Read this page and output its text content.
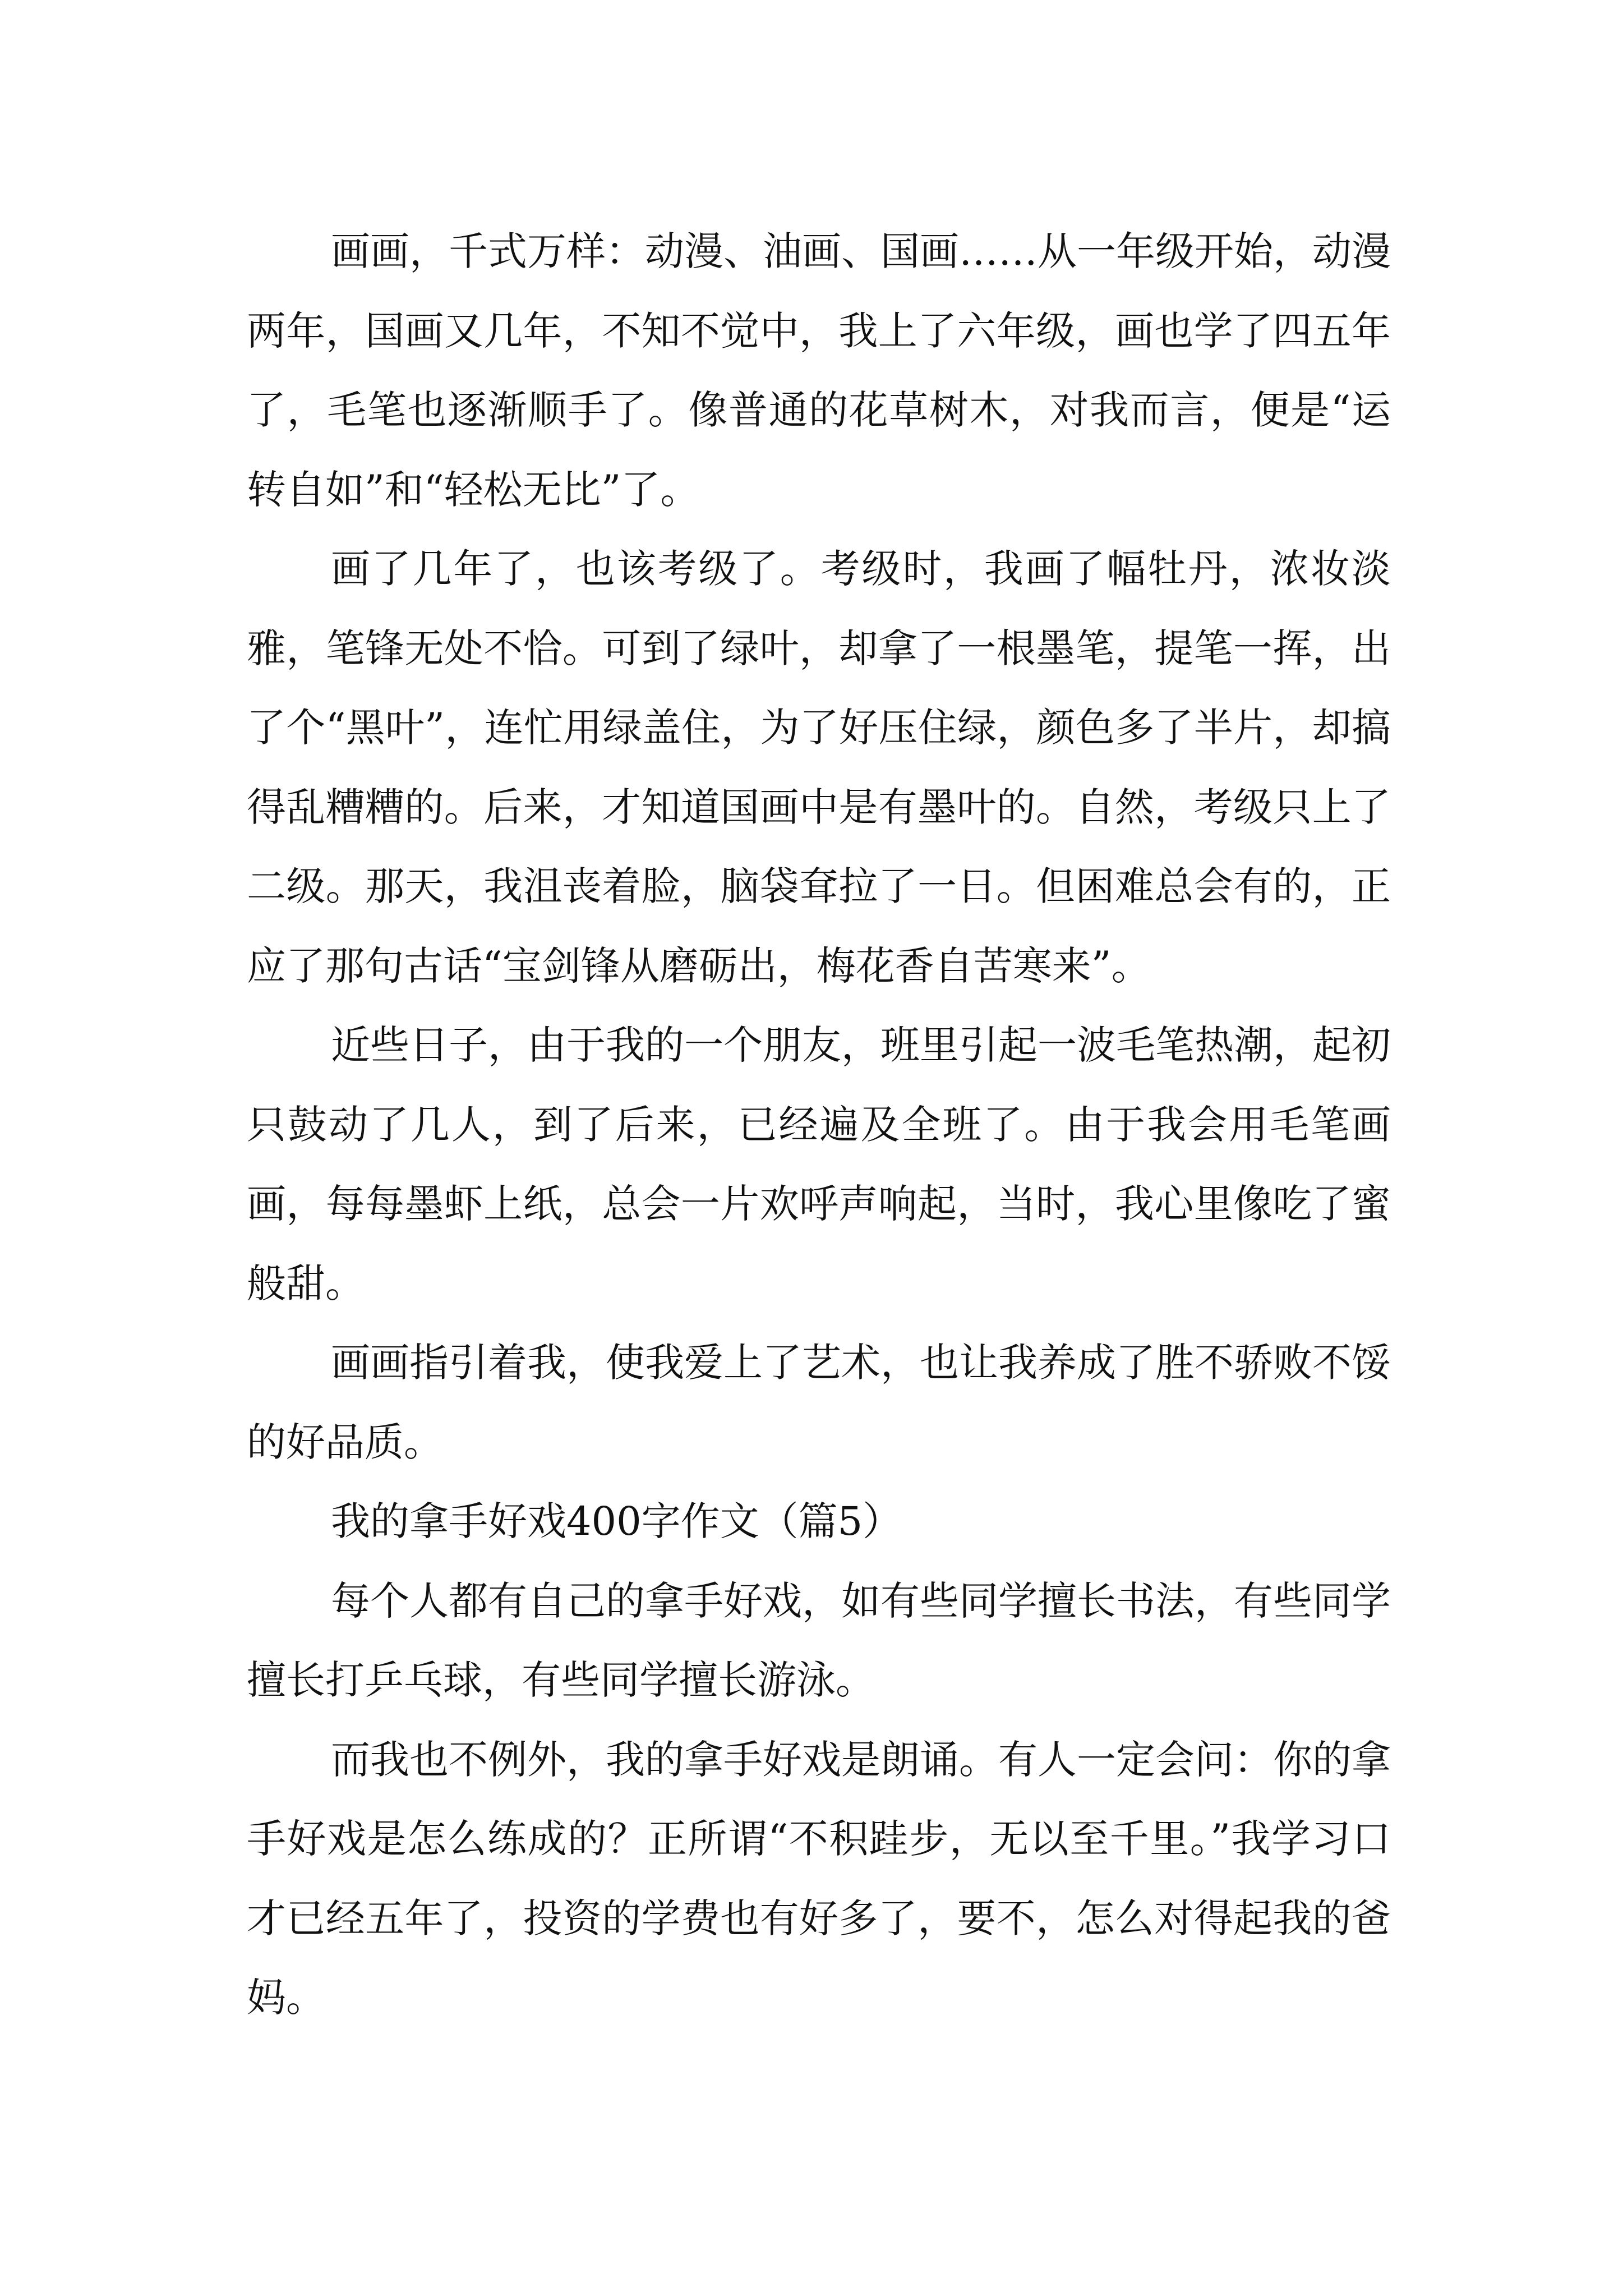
画画，千式万样：动漫、油画、国画……从一年级开始，动漫两年，国画又几年，不知不觉中，我上了六年级，画也学了四五年了，毛笔也逐渐顺手了。像普通的花草树木，对我而言，便是“运转自如”和“轻松无比”了。

画了几年了，也该考级了。考级时，我画了幅牡丹，浓妆淡雅，笔锋无处不恰。可到了绿叶，却拿了一根墨笔，提笔一挥，出了个“黑叶”，连忙用绿盖住，为了好压住绿，颜色多了半片，却搞得乱糟糟的。后来，才知道国画中是有墨叶的。自然，考级只上了二级。那天，我沮丧着脸，脑袋耷拉了一日。但困难总会有的，正应了那句古话“宝剑锋从磨砺出，梅花香自苦寒来”。

近些日子，由于我的一个朋友，班里引起一波毛笔热潮，起初只鼓动了几人，到了后来，已经遍及全班了。由于我会用毛笔画画，每每墨虾上纸，总会一片欢呼声响起，当时，我心里像吃了蜜般甜。

画画指引着我，使我爱上了艺术，也让我养成了胜不骄败不馁的好品质。

我的拿手好戏400字作文（篇5）

每个人都有自己的拿手好戏，如有些同学擅长书法，有些同学擅长打乒乓球，有些同学擅长游泳。

而我也不例外，我的拿手好戏是朗诵。有人一定会问：你的拿手好戏是怎么练成的？正所谓“不积跬步，无以至千里。”我学习口才已经五年了，投资的学费也有好多了，要不，怎么对得起我的爸妈。
